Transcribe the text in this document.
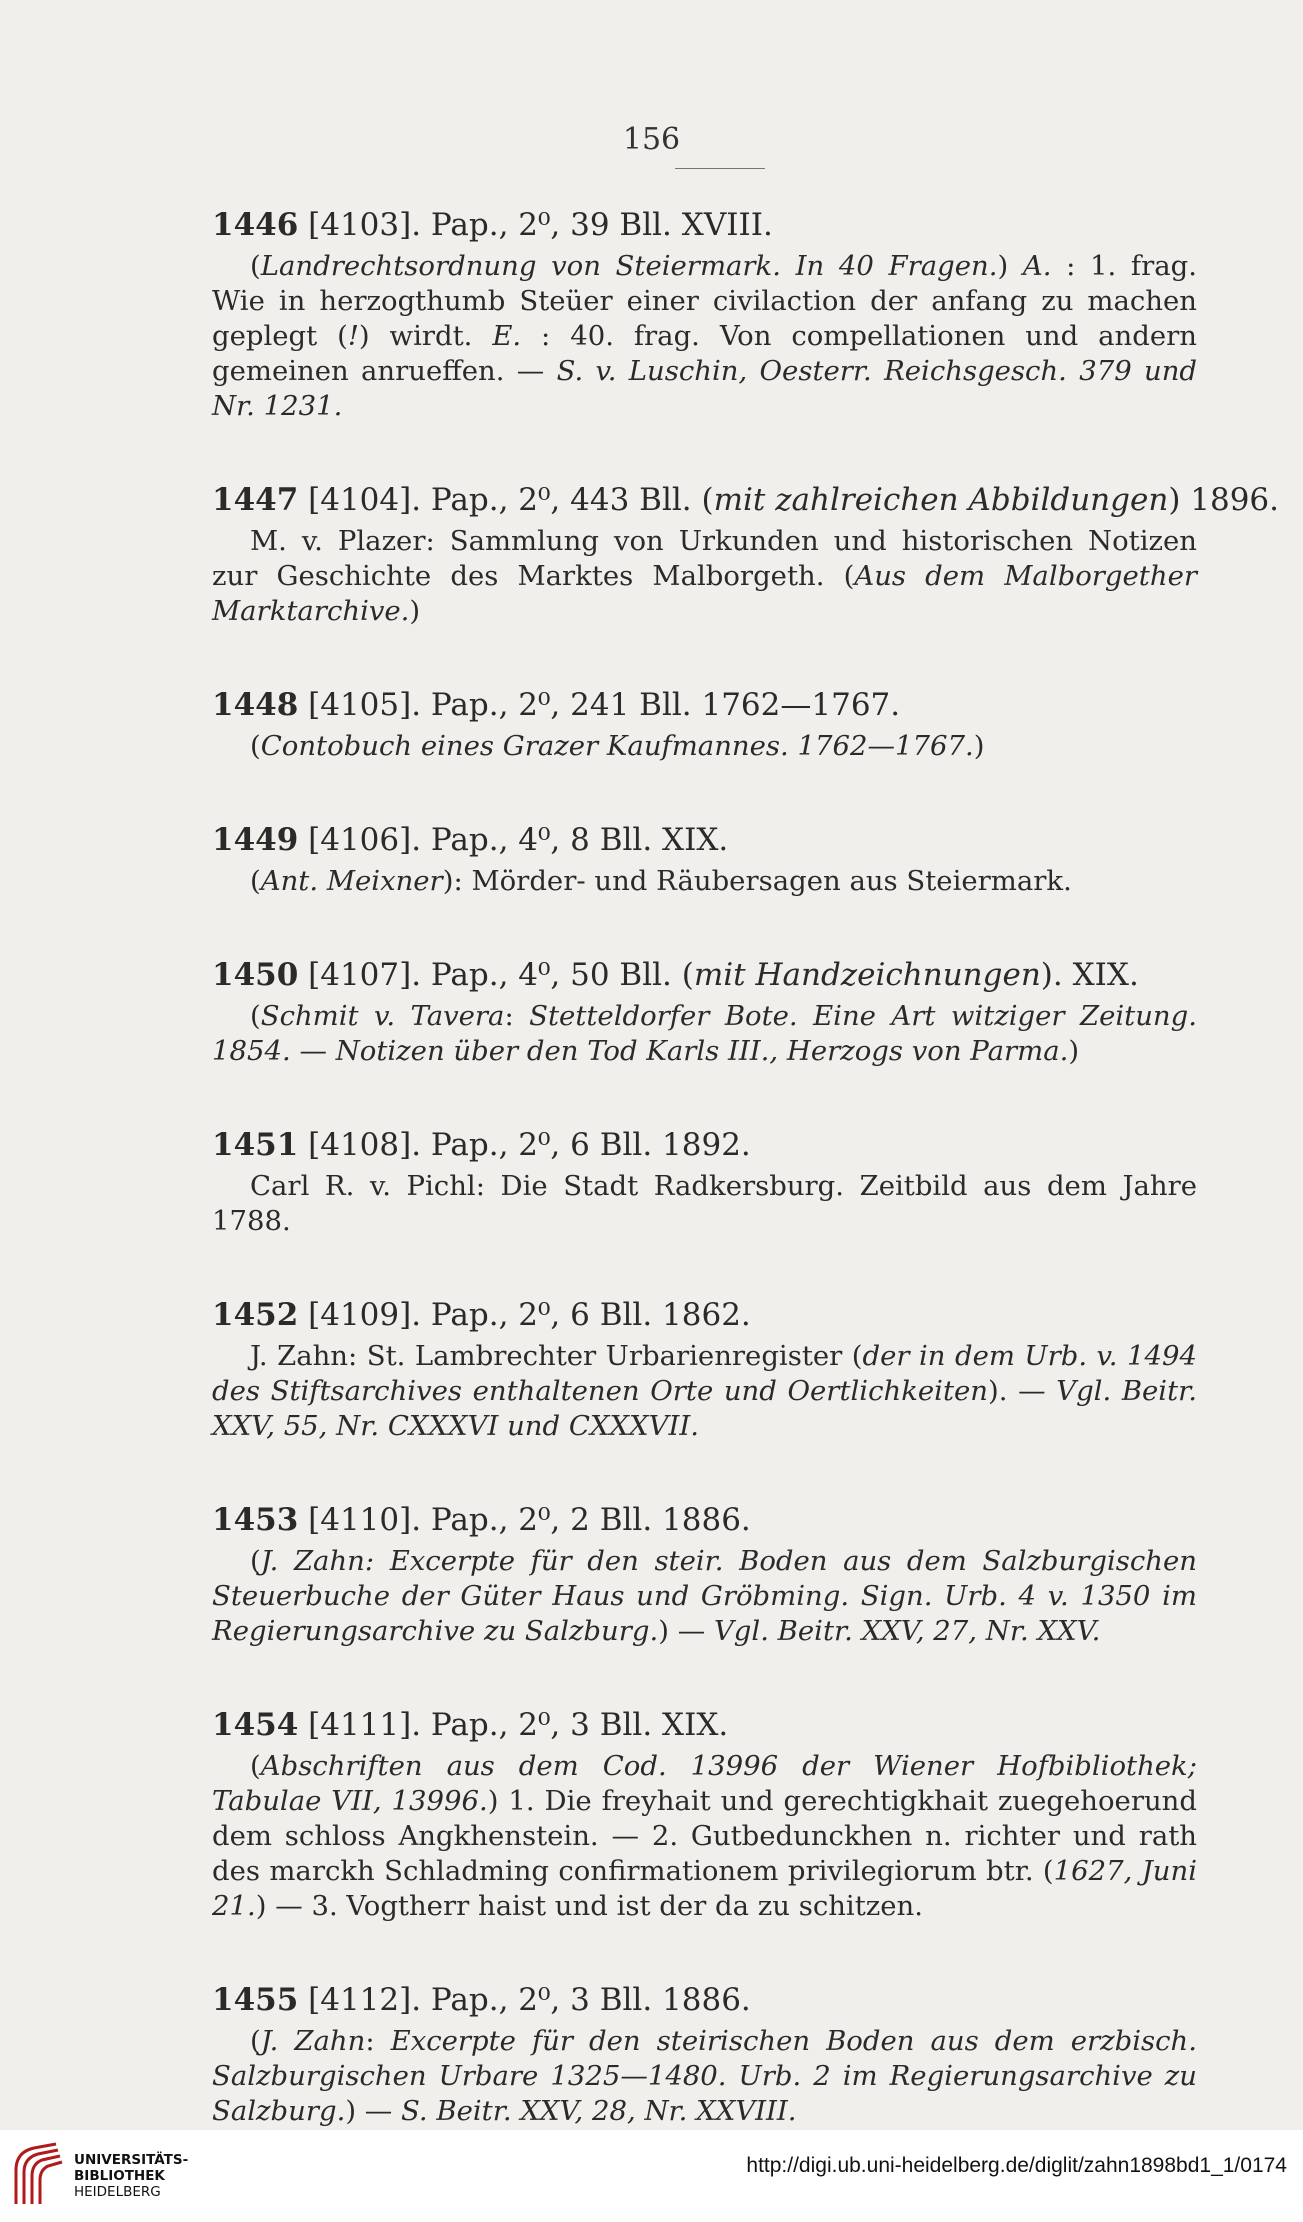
156
1446 [4103]. Pap., 2⁰, 39 Bll. XVIII.
(Landrechtsordnung von Steiermark. In 40 Fragen.) A. : 1. frag. Wie in herzogthumb Steüer einer civilaction der anfang zu machen geplegt (!) wirdt. E. : 40. frag. Von compellationen und andern gemeinen anrueffen. — S. v. Luschin, Oesterr. Reichsgesch. 379 und Nr. 1231.
1447 [4104]. Pap., 2⁰, 443 Bll. (mit zahlreichen Abbildungen) 1896.
M. v. Plazer: Sammlung von Urkunden und historischen Notizen zur Geschichte des Marktes Malborgeth. (Aus dem Malborgether Marktarchive.)
1448 [4105]. Pap., 2⁰, 241 Bll. 1762—1767.
(Contobuch eines Grazer Kaufmannes. 1762—1767.)
1449 [4106]. Pap., 4⁰, 8 Bll. XIX.
(Ant. Meixner): Mörder- und Räubersagen aus Steiermark.
1450 [4107]. Pap., 4⁰, 50 Bll. (mit Handzeichnungen). XIX.
(Schmit v. Tavera: Stetteldorfer Bote. Eine Art witziger Zeitung. 1854. — Notizen über den Tod Karls III., Herzogs von Parma.)
1451 [4108]. Pap., 2⁰, 6 Bll. 1892.
Carl R. v. Pichl: Die Stadt Radkersburg. Zeitbild aus dem Jahre 1788.
1452 [4109]. Pap., 2⁰, 6 Bll. 1862.
J. Zahn: St. Lambrechter Urbarienregister (der in dem Urb. v. 1494 des Stiftsarchives enthaltenen Orte und Oertlichkeiten). — Vgl. Beitr. XXV, 55, Nr. CXXXVI und CXXXVII.
1453 [4110]. Pap., 2⁰, 2 Bll. 1886.
(J. Zahn: Excerpte für den steir. Boden aus dem Salzburgischen Steuerbuche der Güter Haus und Gröbming. Sign. Urb. 4 v. 1350 im Regierungsarchive zu Salzburg.) — Vgl. Beitr. XXV, 27, Nr. XXV.
1454 [4111]. Pap., 2⁰, 3 Bll. XIX.
(Abschriften aus dem Cod. 13996 der Wiener Hofbibliothek; Tabulae VII, 13996.) 1. Die freyhait und gerechtigkhait zuegehoerund dem schloss Angkhenstein. — 2. Gutbedunckhen n. richter und rath des marckh Schladming confirmationem privilegiorum btr. (1627, Juni 21.) — 3. Vogtherr haist und ist der da zu schitzen.
1455 [4112]. Pap., 2⁰, 3 Bll. 1886.
(J. Zahn: Excerpte für den steirischen Boden aus dem erzbisch. Salzburgischen Urbare 1325—1480. Urb. 2 im Regierungsarchive zu Salzburg.) — S. Beitr. XXV, 28, Nr. XXVIII.
UNIVERSITÄTS-
BIBLIOTHEK
HEIDELBERG
http://digi.ub.uni-heidelberg.de/diglit/zahn1898bd1_1/0174
